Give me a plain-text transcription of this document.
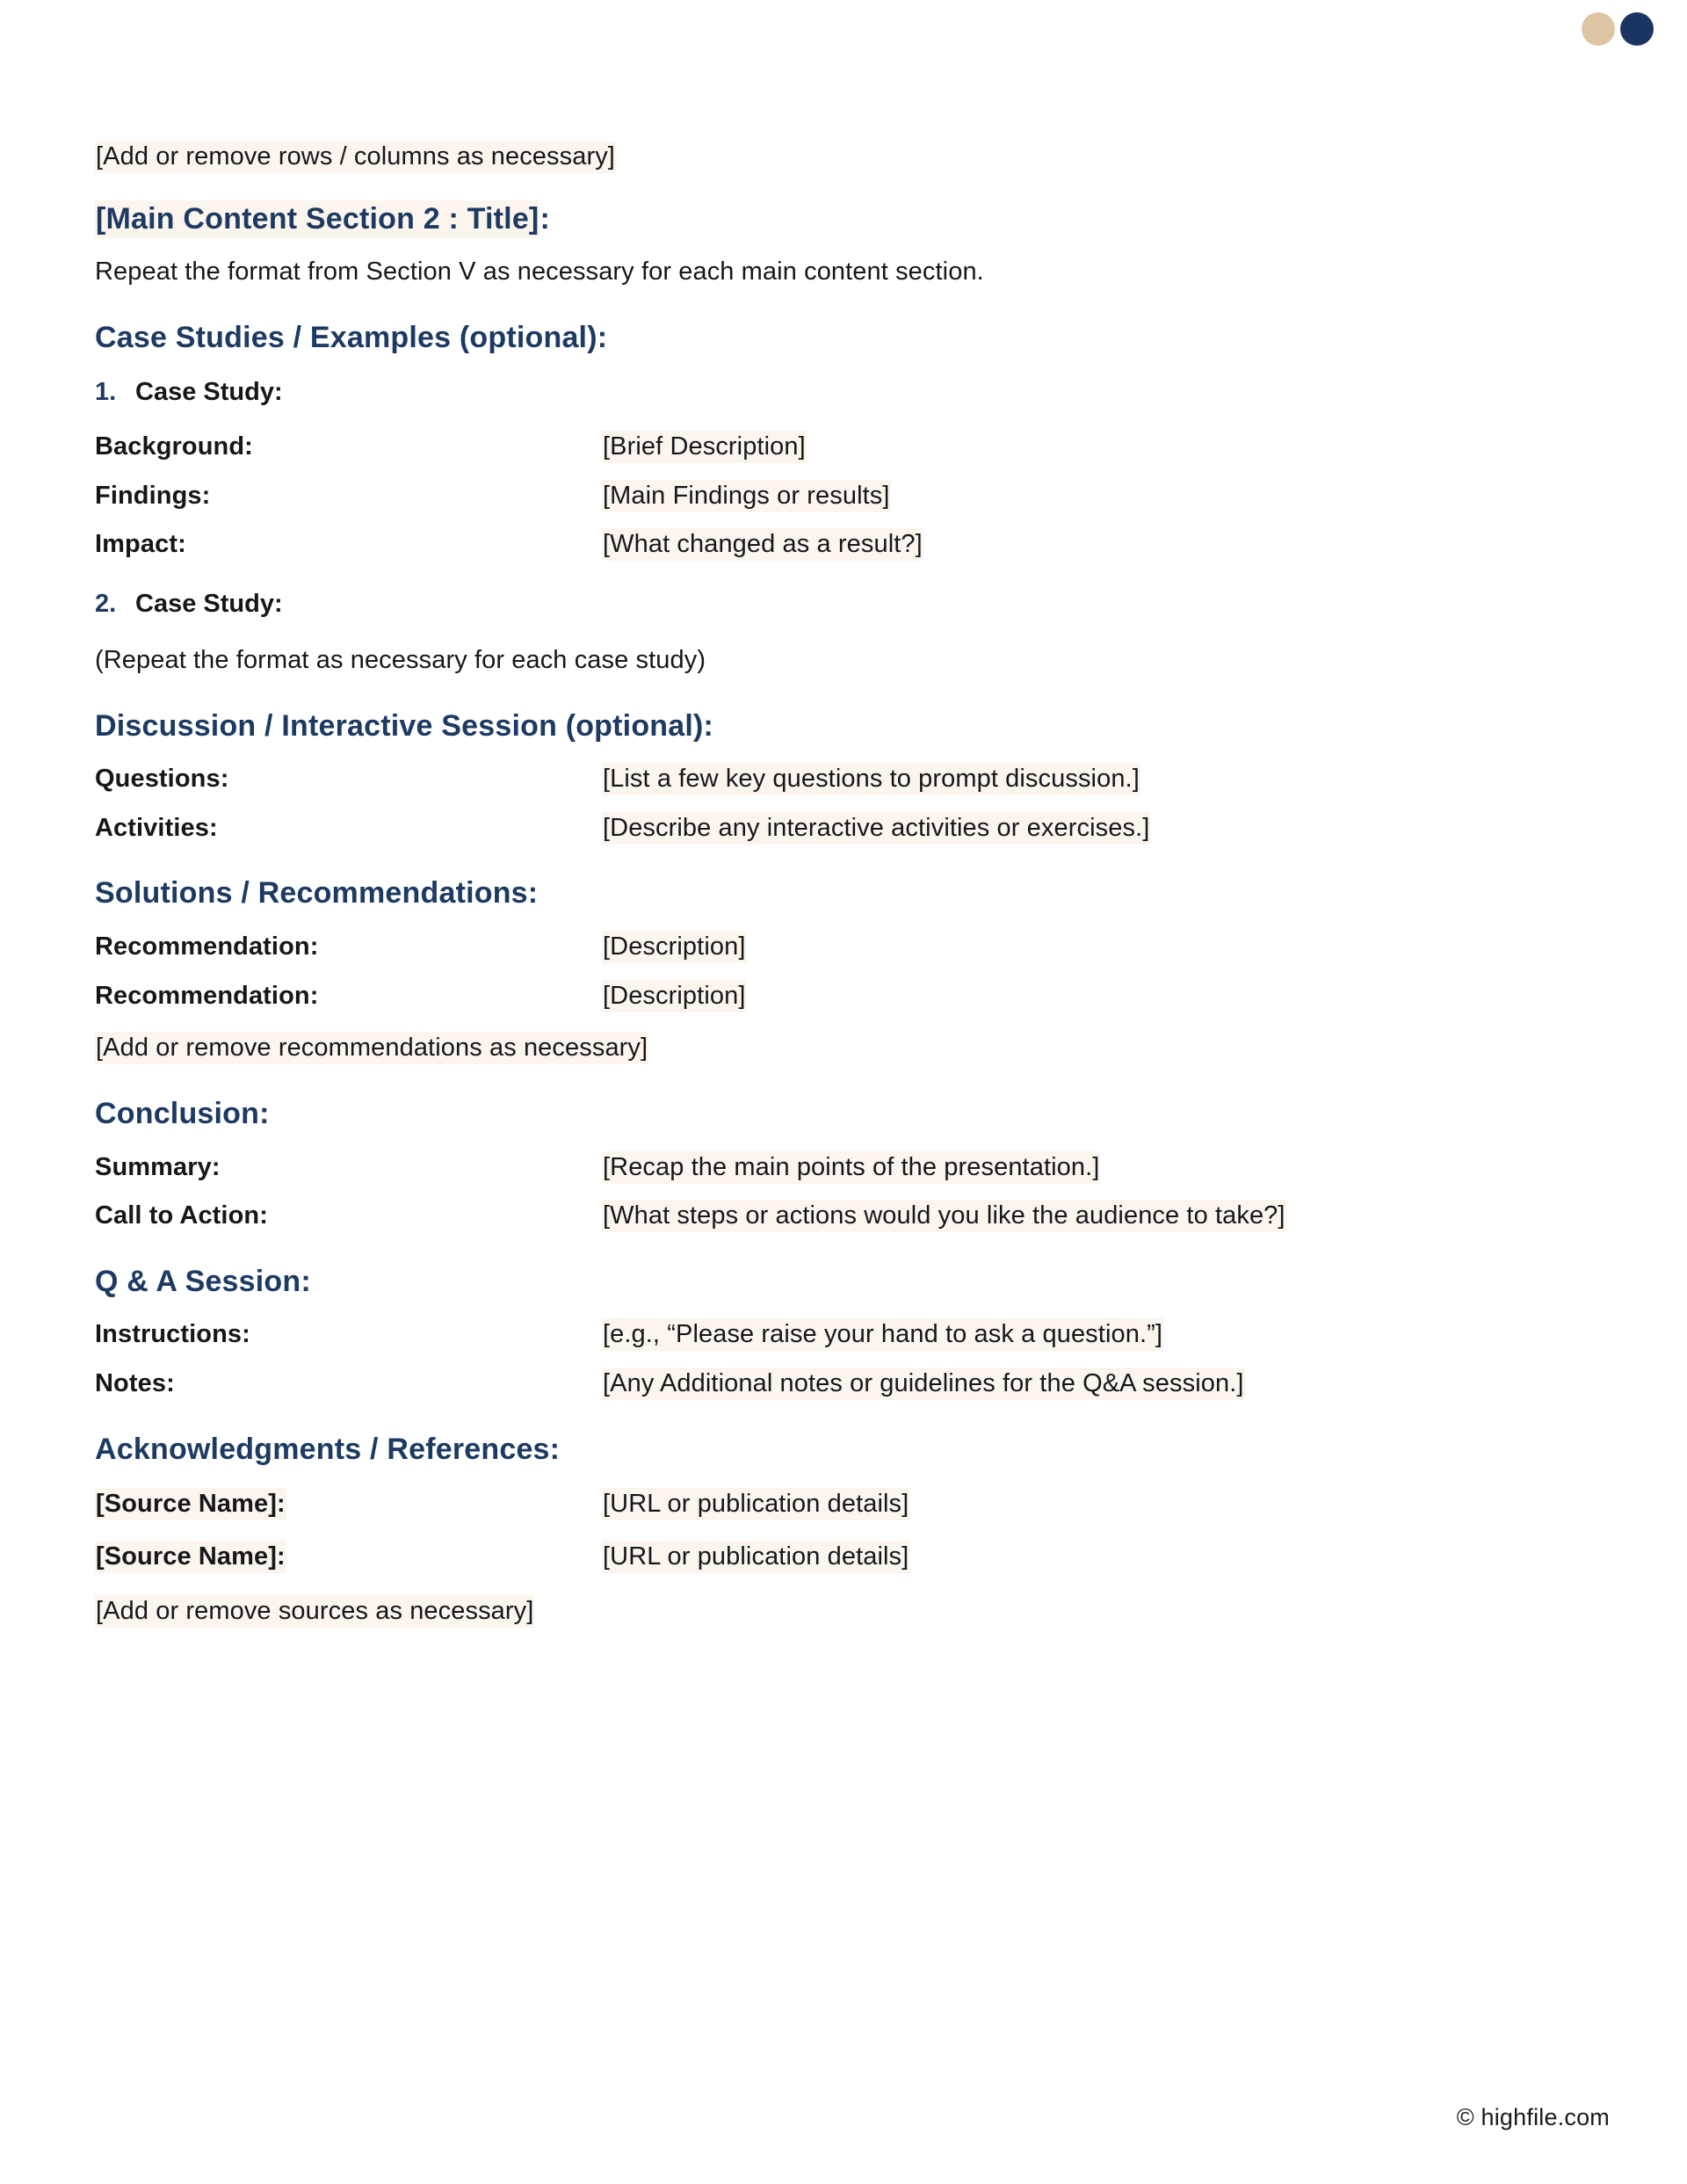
[Add or remove rows / columns as necessary]
[Main Content Section 2 : Title]:
Repeat the format from Section V as necessary for each main content section.
Case Studies / Examples (optional):
1. Case Study:
Background:	[Brief Description]
Findings:	[Main Findings or results]
Impact:	[What changed as a result?]
2. Case Study:
(Repeat the format as necessary for each case study)
Discussion / Interactive Session (optional):
Questions:	[List a few key questions to prompt discussion.]
Activities:	[Describe any interactive activities or exercises.]
Solutions / Recommendations:
Recommendation:	[Description]
Recommendation:	[Description]
[Add or remove recommendations as necessary]
Conclusion:
Summary:	[Recap the main points of the presentation.]
Call to Action:	[What steps or actions would you like the audience to take?]
Q & A Session:
Instructions:	[e.g., “Please raise your hand to ask a question.”]
Notes:	[Any Additional notes or guidelines for the Q&A session.]
Acknowledgments / References:
[Source Name]:	[URL or publication details]
[Source Name]:	[URL or publication details]
[Add or remove sources as necessary]
© highfile.com
